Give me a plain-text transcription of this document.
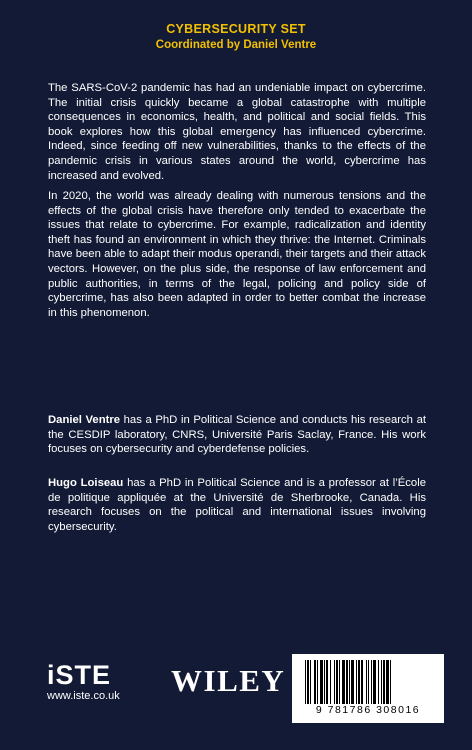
CYBERSECURITY SET
Coordinated by Daniel Ventre

The SARS-CoV-2 pandemic has had an undeniable impact on cybercrime. The initial crisis quickly became a global catastrophe with multiple consequences in economics, health, and political and social fields. This book explores how this global emergency has influenced cybercrime. Indeed, since feeding off new vulnerabilities, thanks to the effects of the pandemic crisis in various states around the world, cybercrime has increased and evolved.

In 2020, the world was already dealing with numerous tensions and the effects of the global crisis have therefore only tended to exacerbate the issues that relate to cybercrime. For example, radicalization and identity theft has found an environment in which they thrive: the Internet. Criminals have been able to adapt their modus operandi, their targets and their attack vectors. However, on the plus side, the response of law enforcement and public authorities, in terms of the legal, policing and policy side of cybercrime, has also been adapted in order to better combat the increase in this phenomenon.

Daniel Ventre has a PhD in Political Science and conducts his research at the CESDIP laboratory, CNRS, Université Paris Saclay, France. His work focuses on cybersecurity and cyberdefense policies.

Hugo Loiseau has a PhD in Political Science and is a professor at l’École de politique appliquée at the Université de Sherbrooke, Canada. His research focuses on the political and international issues involving cybersecurity.

iSTE
www.iste.co.uk WILEY
9 781786 308016
